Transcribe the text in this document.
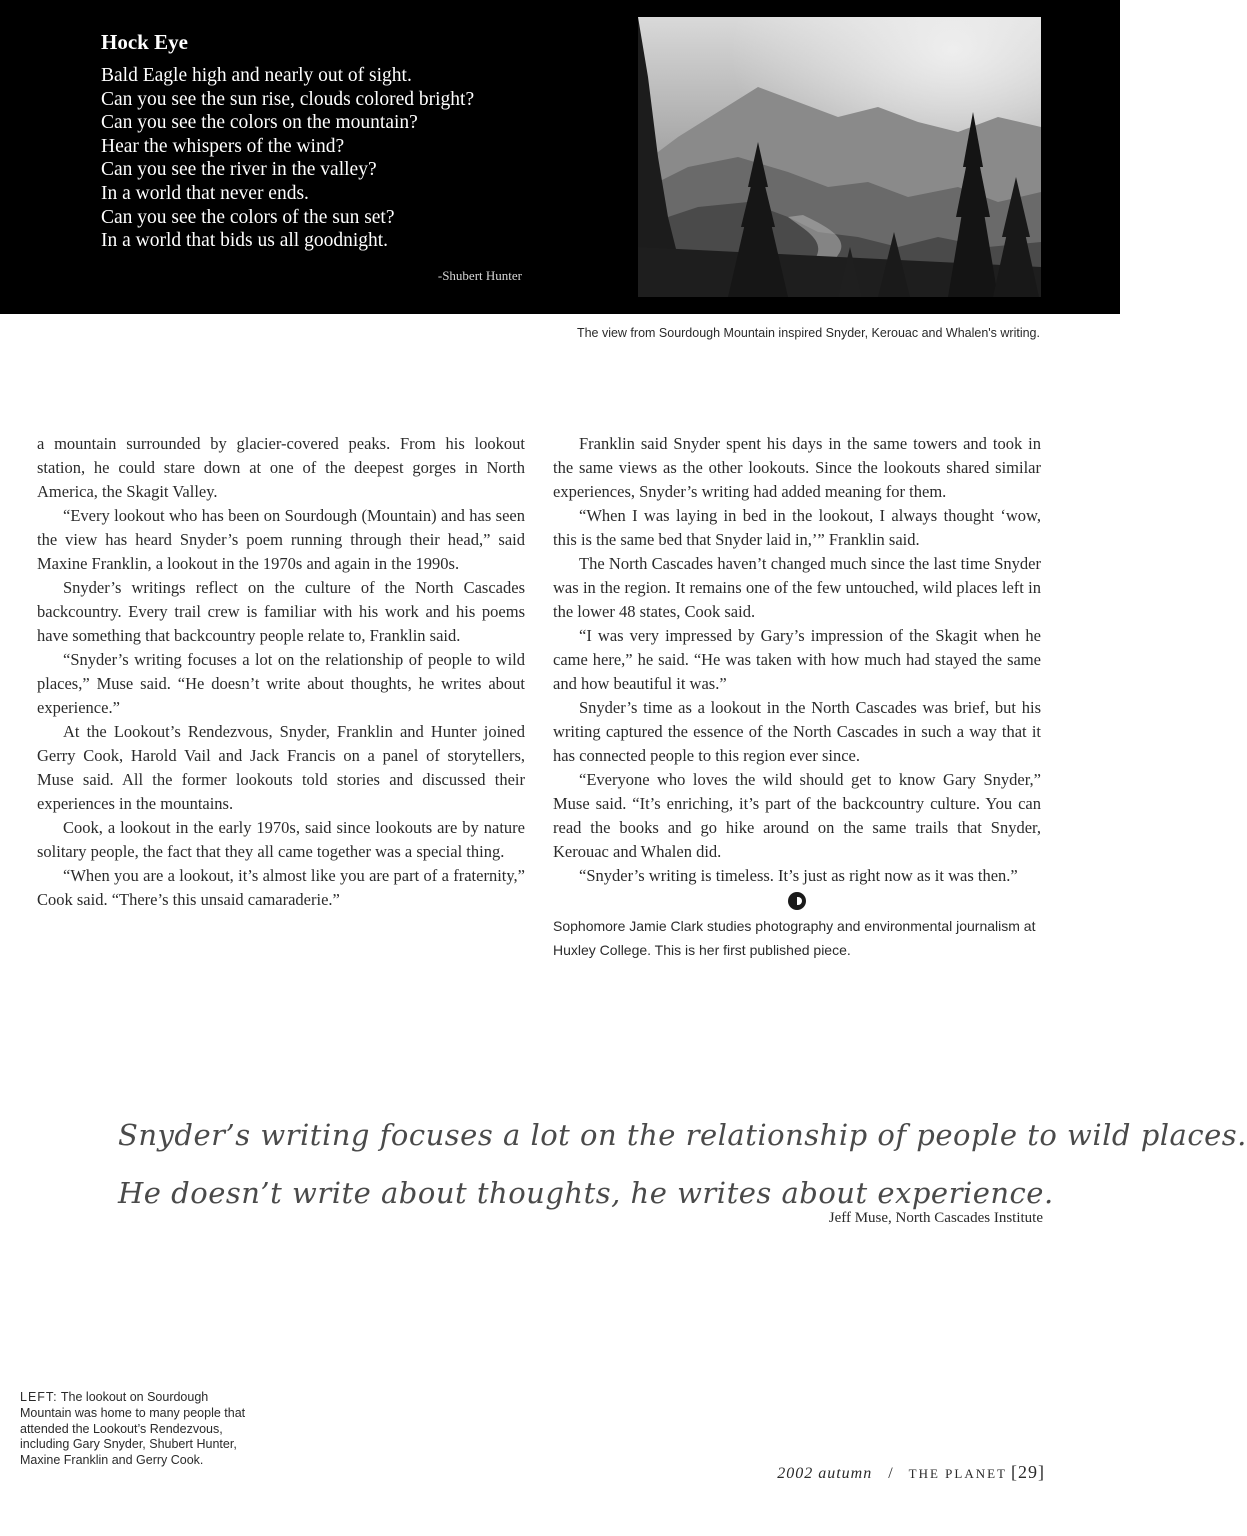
Hock Eye
Bald Eagle high and nearly out of sight.
Can you see the sun rise, clouds colored bright?
Can you see the colors on the mountain?
Hear the whispers of the wind?
Can you see the river in the valley?
In a world that never ends.
Can you see the colors of the sun set?
In a world that bids us all goodnight.
-Shubert Hunter
The view from Sourdough Mountain inspired Snyder, Kerouac and Whalen's writing.

a mountain surrounded by glacier-covered peaks. From his lookout station, he could stare down at one of the deepest gorges in North America, the Skagit Valley.

“Every lookout who has been on Sourdough (Mountain) and has seen the view has heard Snyder’s poem running through their head,” said Maxine Franklin, a lookout in the 1970s and again in the 1990s.

Snyder’s writings reflect on the culture of the North Cascades backcountry. Every trail crew is familiar with his work and his poems have something that backcountry people relate to, Franklin said.

“Snyder’s writing focuses a lot on the relationship of people to wild places,” Muse said. “He doesn’t write about thoughts, he writes about experience.”

At the Lookout’s Rendezvous, Snyder, Franklin and Hunter joined Gerry Cook, Harold Vail and Jack Francis on a panel of storytellers, Muse said. All the former lookouts told stories and discussed their experiences in the mountains.

Cook, a lookout in the early 1970s, said since lookouts are by nature solitary people, the fact that they all came together was a special thing.

“When you are a lookout, it’s almost like you are part of a fraternity,” Cook said. “There’s this unsaid camaraderie.”

Franklin said Snyder spent his days in the same towers and took in the same views as the other lookouts. Since the lookouts shared similar experiences, Snyder’s writing had added meaning for them.

“When I was laying in bed in the lookout, I always thought ‘wow, this is the same bed that Snyder laid in,’” Franklin said.

The North Cascades haven’t changed much since the last time Snyder was in the region. It remains one of the few untouched, wild places left in the lower 48 states, Cook said.

“I was very impressed by Gary’s impression of the Skagit when he came here,” he said. “He was taken with how much had stayed the same and how beautiful it was.”

Snyder’s time as a lookout in the North Cascades was brief, but his writing captured the essence of the North Cascades in such a way that it has connected people to this region ever since.

“Everyone who loves the wild should get to know Gary Snyder,” Muse said. “It’s enriching, it’s part of the backcountry culture. You can read the books and go hike around on the same trails that Snyder, Kerouac and Whalen did.

“Snyder’s writing is timeless. It’s just as right now as it was then.”

Sophomore Jamie Clark studies photography and environmental journalism at Huxley College. This is her first published piece.

Snyder’s writing focuses a lot on the relationship of people to wild places.
He doesn’t write about thoughts, he writes about experience.
Jeff Muse, North Cascades Institute
LEFT: The lookout on Sourdough Mountain was home to many people that attended the Lookout’s Rendezvous, including Gary Snyder, Shubert Hunter, Maxine Franklin and Gerry Cook.
2002 autumn / THE PLANET [29]
